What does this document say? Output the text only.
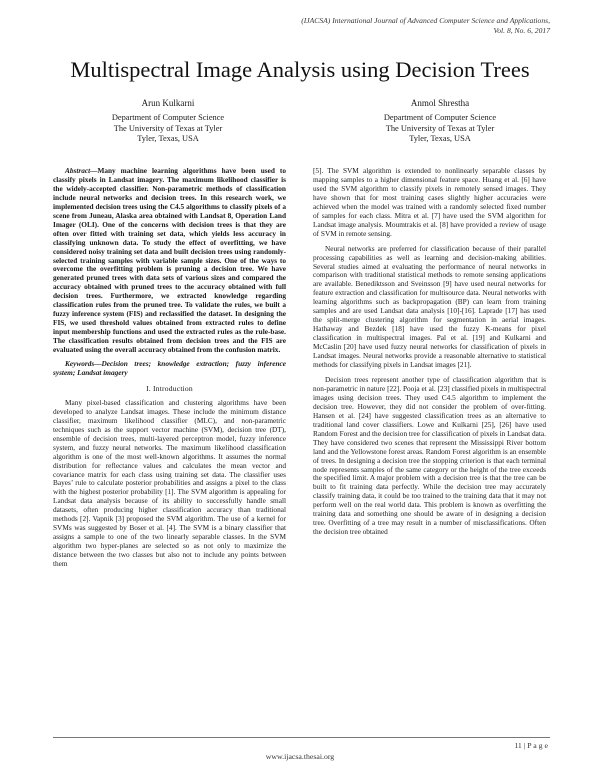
(IJACSA) International Journal of Advanced Computer Science and Applications,
Vol. 8, No. 6, 2017
Multispectral Image Analysis using Decision Trees
Arun Kulkarni
Department of Computer Science
The University of Texas at Tyler
Tyler, Texas, USA
Anmol Shrestha
Department of Computer Science
The University of Texas at Tyler
Tyler, Texas, USA

Abstract—Many machine learning algorithms have been used to classify pixels in Landsat imagery. The maximum likelihood classifier is the widely-accepted classifier. Non-parametric methods of classification include neural networks and decision trees. In this research work, we implemented decision trees using the C4.5 algorithms to classify pixels of a scene from Juneau, Alaska area obtained with Landsat 8, Operation Land Imager (OLI). One of the concerns with decision trees is that they are often over fitted with training set data, which yields less accuracy in classifying unknown data. To study the effect of overfitting, we have considered noisy training set data and built decision trees using randomly-selected training samples with variable sample sizes. One of the ways to overcome the overfitting problem is pruning a decision tree. We have generated pruned trees with data sets of various sizes and compared the accuracy obtained with pruned trees to the accuracy obtained with full decision trees. Furthermore, we extracted knowledge regarding classification rules from the pruned tree. To validate the rules, we built a fuzzy inference system (FIS) and reclassified the dataset. In designing the FIS, we used threshold values obtained from extracted rules to define input membership functions and used the extracted rules as the rule-base. The classification results obtained from decision trees and the FIS are evaluated using the overall accuracy obtained from the confusion matrix.

Keywords—Decision trees; knowledge extraction; fuzzy inference system; Landsat imagery

I. Introduction

Many pixel-based classification and clustering algorithms have been developed to analyze Landsat images. These include the minimum distance classifier, maximum likelihood classifier (MLC), and non-parametric techniques such as the support vector machine (SVM), decision tree (DT), ensemble of decision trees, multi-layered perceptron model, fuzzy inference system, and fuzzy neural networks. The maximum likelihood classification algorithm is one of the most well-known algorithms. It assumes the normal distribution for reflectance values and calculates the mean vector and covariance matrix for each class using training set data. The classifier uses Bayes’ rule to calculate posterior probabilities and assigns a pixel to the class with the highest posterior probability [1]. The SVM algorithm is appealing for Landsat data analysis because of its ability to successfully handle small datasets, often producing higher classification accuracy than traditional methods [2]. Vapnik [3] proposed the SVM algorithm. The use of a kernel for SVMs was suggested by Boser et al. [4]. The SVM is a binary classifier that assigns a sample to one of the two linearly separable classes. In the SVM algorithm two hyper-planes are selected so as not only to maximize the distance between the two classes but also not to include any points between them

[5]. The SVM algorithm is extended to nonlinearly separable classes by mapping samples to a higher dimensional feature space. Huang et al. [6] have used the SVM algorithm to classify pixels in remotely sensed images. They have shown that for most training cases slightly higher accuracies were achieved when the model was trained with a randomly selected fixed number of samples for each class. Mitra et al. [7] have used the SVM algorithm for Landsat image analysis. Moumtrakis et al. [8] have provided a review of usage of SVM in remote sensing.

Neural networks are preferred for classification because of their parallel processing capabilities as well as learning and decision-making abilities. Several studies aimed at evaluating the performance of neural networks in comparison with traditional statistical methods to remote sensing applications are available. Benediktsson and Sveinsson [9] have used neural networks for feature extraction and classification for multisource data. Neural networks with learning algorithms such as backpropagation (BP) can learn from training samples and are used Landsat data analysis [10]-[16]. Laprade [17] has used the split-merge clustering algorithm for segmentation in aerial images. Hathaway and Bezdek [18] have used the fuzzy K-means for pixel classification in multispectral images. Pal et al. [19] and Kulkarni and McCaslin [20] have used fuzzy neural networks for classification of pixels in Landsat images. Neural networks provide a reasonable alternative to statistical methods for classifying pixels in Landsat images [21].

Decision trees represent another type of classification algorithm that is non-parametric in nature [22]. Pooja et al. [23] classified pixels in multispectral images using decision trees. They used C4.5 algorithm to implement the decision tree. However, they did not consider the problem of over-fitting. Hansen et al. [24] have suggested classification trees as an alternative to traditional land cover classifiers. Lowe and Kulkarni [25], [26] have used Random Forest and the decision tree for classification of pixels in Landsat data. They have considered two scenes that represent the Mississippi River bottom land and the Yellowstone forest areas. Random Forest algorithm is an ensemble of trees. In designing a decision tree the stopping criterion is that each terminal node represents samples of the same category or the height of the tree exceeds the specified limit. A major problem with a decision tree is that the tree can be built to fit training data perfectly. While the decision tree may accurately classify training data, it could be too trained to the training data that it may not perform well on the real world data. This problem is known as overfitting the training data and something one should be aware of in designing a decision tree. Overfitting of a tree may result in a number of misclassifications. Often the decision tree obtained

11 | P a g e
www.ijacsa.thesai.org
